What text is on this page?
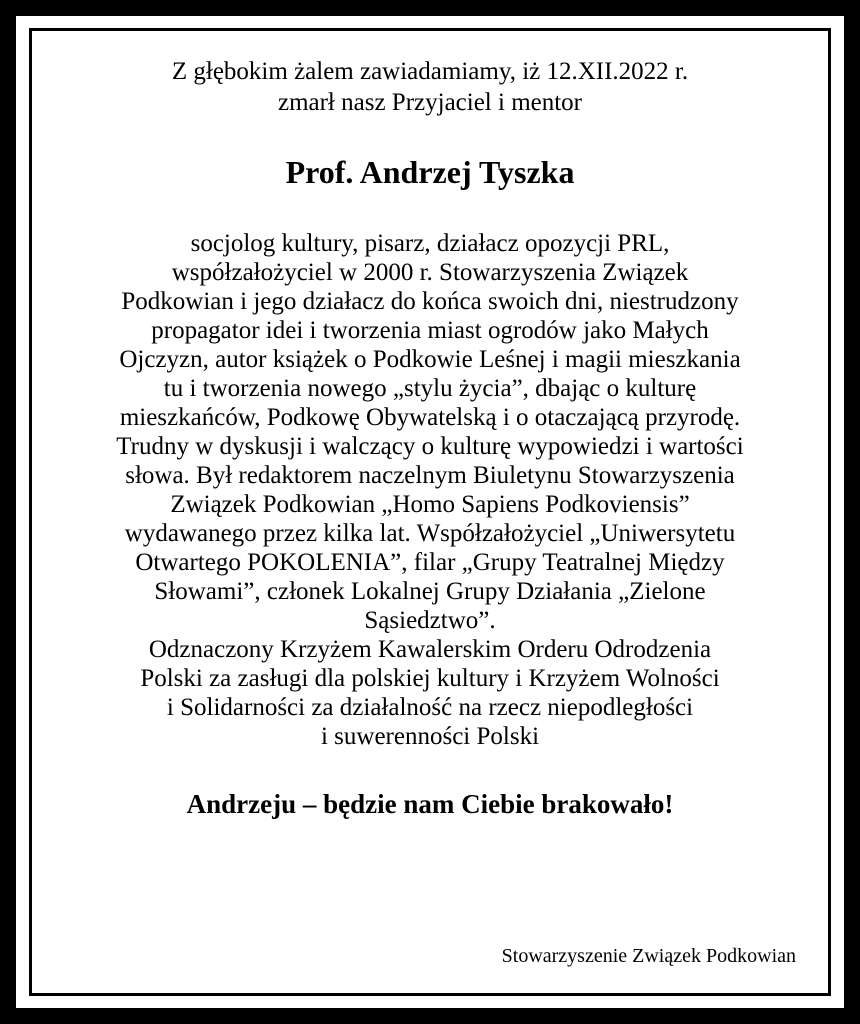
Z głębokim żalem zawiadamiamy, iż 12.XII.2022 r.

zmarł nasz Przyjaciel i mentor

Prof. Andrzej Tyszka

socjolog kultury, pisarz, działacz opozycji PRL,

współzałożyciel w 2000 r. Stowarzyszenia Związek

Podkowian i jego działacz do końca swoich dni, niestrudzony

propagator idei i tworzenia miast ogrodów jako Małych

Ojczyzn, autor książek o Podkowie Leśnej i magii mieszkania

tu i tworzenia nowego „stylu życia”, dbając o kulturę

mieszkańców, Podkowę Obywatelską i o otaczającą przyrodę.

Trudny w dyskusji i walczący o kulturę wypowiedzi i wartości

słowa. Był redaktorem naczelnym Biuletynu Stowarzyszenia

Związek Podkowian „Homo Sapiens Podkoviensis”

wydawanego przez kilka lat. Współzałożyciel „Uniwersytetu

Otwartego POKOLENIA”, filar „Grupy Teatralnej Między

Słowami”, członek Lokalnej Grupy Działania „Zielone

Sąsiedztwo”.

Odznaczony Krzyżem Kawalerskim Orderu Odrodzenia

Polski za zasługi dla polskiej kultury i Krzyżem Wolności

i Solidarności za działalność na rzecz niepodległości

i suwerenności Polski

Andrzeju – będzie nam Ciebie brakowało!

Stowarzyszenie Związek Podkowian
